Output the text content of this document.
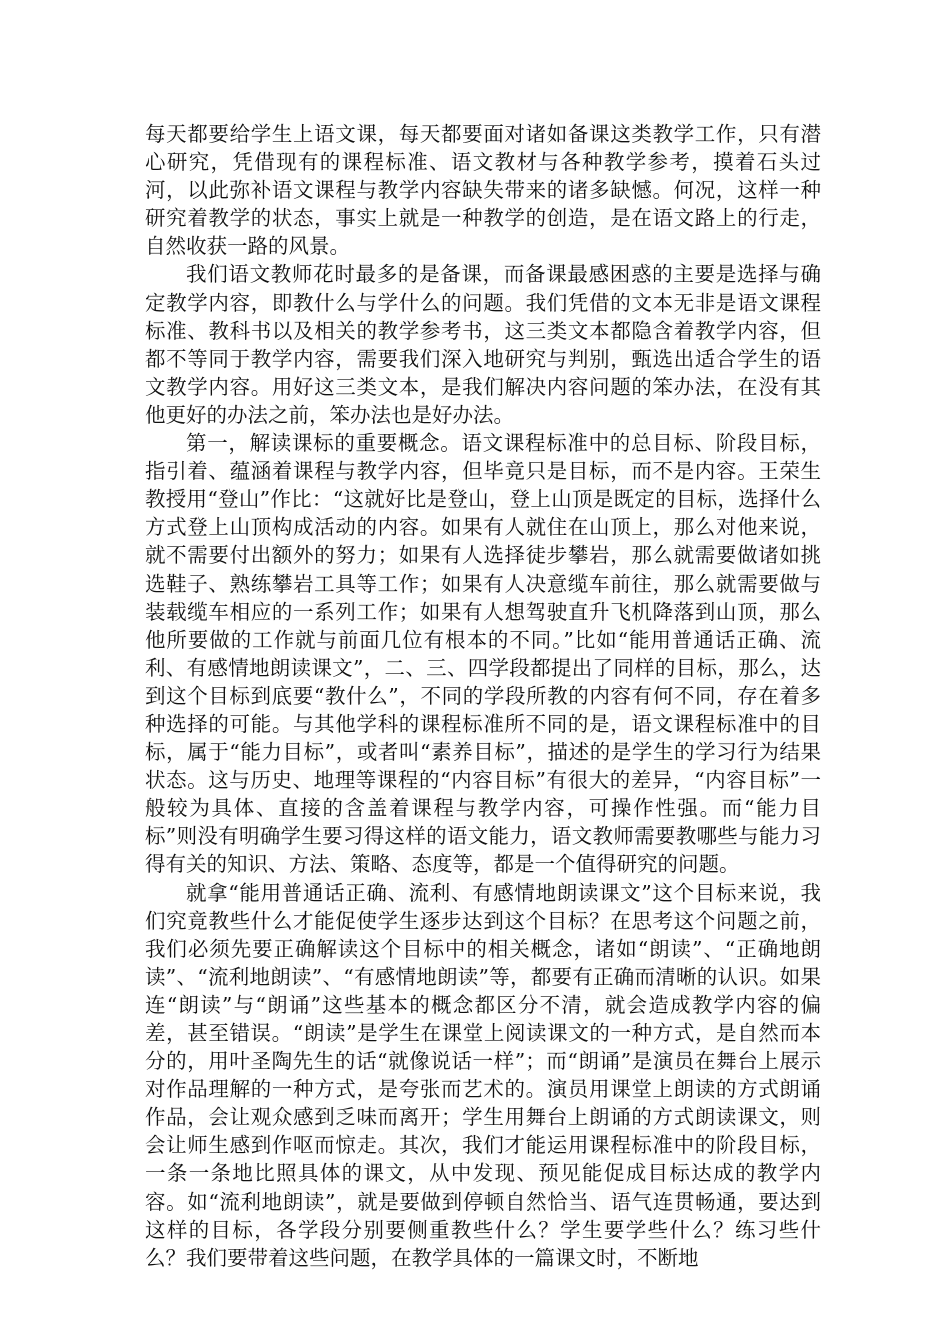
每天都要给学生上语文课，每天都要面对诸如备课这类教学工作，只有潜心研究，凭借现有的课程标准、语文教材与各种教学参考，摸着石头过河，以此弥补语文课程与教学内容缺失带来的诸多缺憾。何况，这样一种研究着教学的状态，事实上就是一种教学的创造，是在语文路上的行走，自然收获一路的风景。

我们语文教师花时最多的是备课，而备课最感困惑的主要是选择与确定教学内容，即教什么与学什么的问题。我们凭借的文本无非是语文课程标准、教科书以及相关的教学参考书，这三类文本都隐含着教学内容，但都不等同于教学内容，需要我们深入地研究与判别，甄选出适合学生的语文教学内容。用好这三类文本，是我们解决内容问题的笨办法，在没有其他更好的办法之前，笨办法也是好办法。

第一，解读课标的重要概念。语文课程标准中的总目标、阶段目标，指引着、蕴涵着课程与教学内容，但毕竟只是目标，而不是内容。王荣生教授用“登山”作比：“这就好比是登山，登上山顶是既定的目标，选择什么方式登上山顶构成活动的内容。如果有人就住在山顶上，那么对他来说，就不需要付出额外的努力；如果有人选择徒步攀岩，那么就需要做诸如挑选鞋子、熟练攀岩工具等工作；如果有人决意缆车前往，那么就需要做与装载缆车相应的一系列工作；如果有人想驾驶直升飞机降落到山顶，那么他所要做的工作就与前面几位有根本的不同。”比如“能用普通话正确、流利、有感情地朗读课文”，二、三、四学段都提出了同样的目标，那么，达到这个目标到底要“教什么”，不同的学段所教的内容有何不同，存在着多种选择的可能。与其他学科的课程标准所不同的是，语文课程标准中的目标，属于“能力目标”，或者叫“素养目标”，描述的是学生的学习行为结果状态。这与历史、地理等课程的“内容目标”有很大的差异，“内容目标”一般较为具体、直接的含盖着课程与教学内容，可操作性强。而“能力目标”则没有明确学生要习得这样的语文能力，语文教师需要教哪些与能力习得有关的知识、方法、策略、态度等，都是一个值得研究的问题。

就拿“能用普通话正确、流利、有感情地朗读课文”这个目标来说，我们究竟教些什么才能促使学生逐步达到这个目标？在思考这个问题之前，我们必须先要正确解读这个目标中的相关概念，诸如“朗读”、“正确地朗读”、“流利地朗读”、“有感情地朗读”等，都要有正确而清晰的认识。如果连“朗读”与“朗诵”这些基本的概念都区分不清，就会造成教学内容的偏差，甚至错误。“朗读”是学生在课堂上阅读课文的一种方式，是自然而本分的，用叶圣陶先生的话“就像说话一样”；而“朗诵”是演员在舞台上展示对作品理解的一种方式，是夸张而艺术的。演员用课堂上朗读的方式朗诵作品，会让观众感到乏味而离开；学生用舞台上朗诵的方式朗读课文，则会让师生感到作呕而惊走。其次，我们才能运用课程标准中的阶段目标，一条一条地比照具体的课文，从中发现、预见能促成目标达成的教学内容。如“流利地朗读”，就是要做到停顿自然恰当、语气连贯畅通，要达到这样的目标，各学段分别要侧重教些什么？学生要学些什么？练习些什么？我们要带着这些问题，在教学具体的一篇课文时，不断地
